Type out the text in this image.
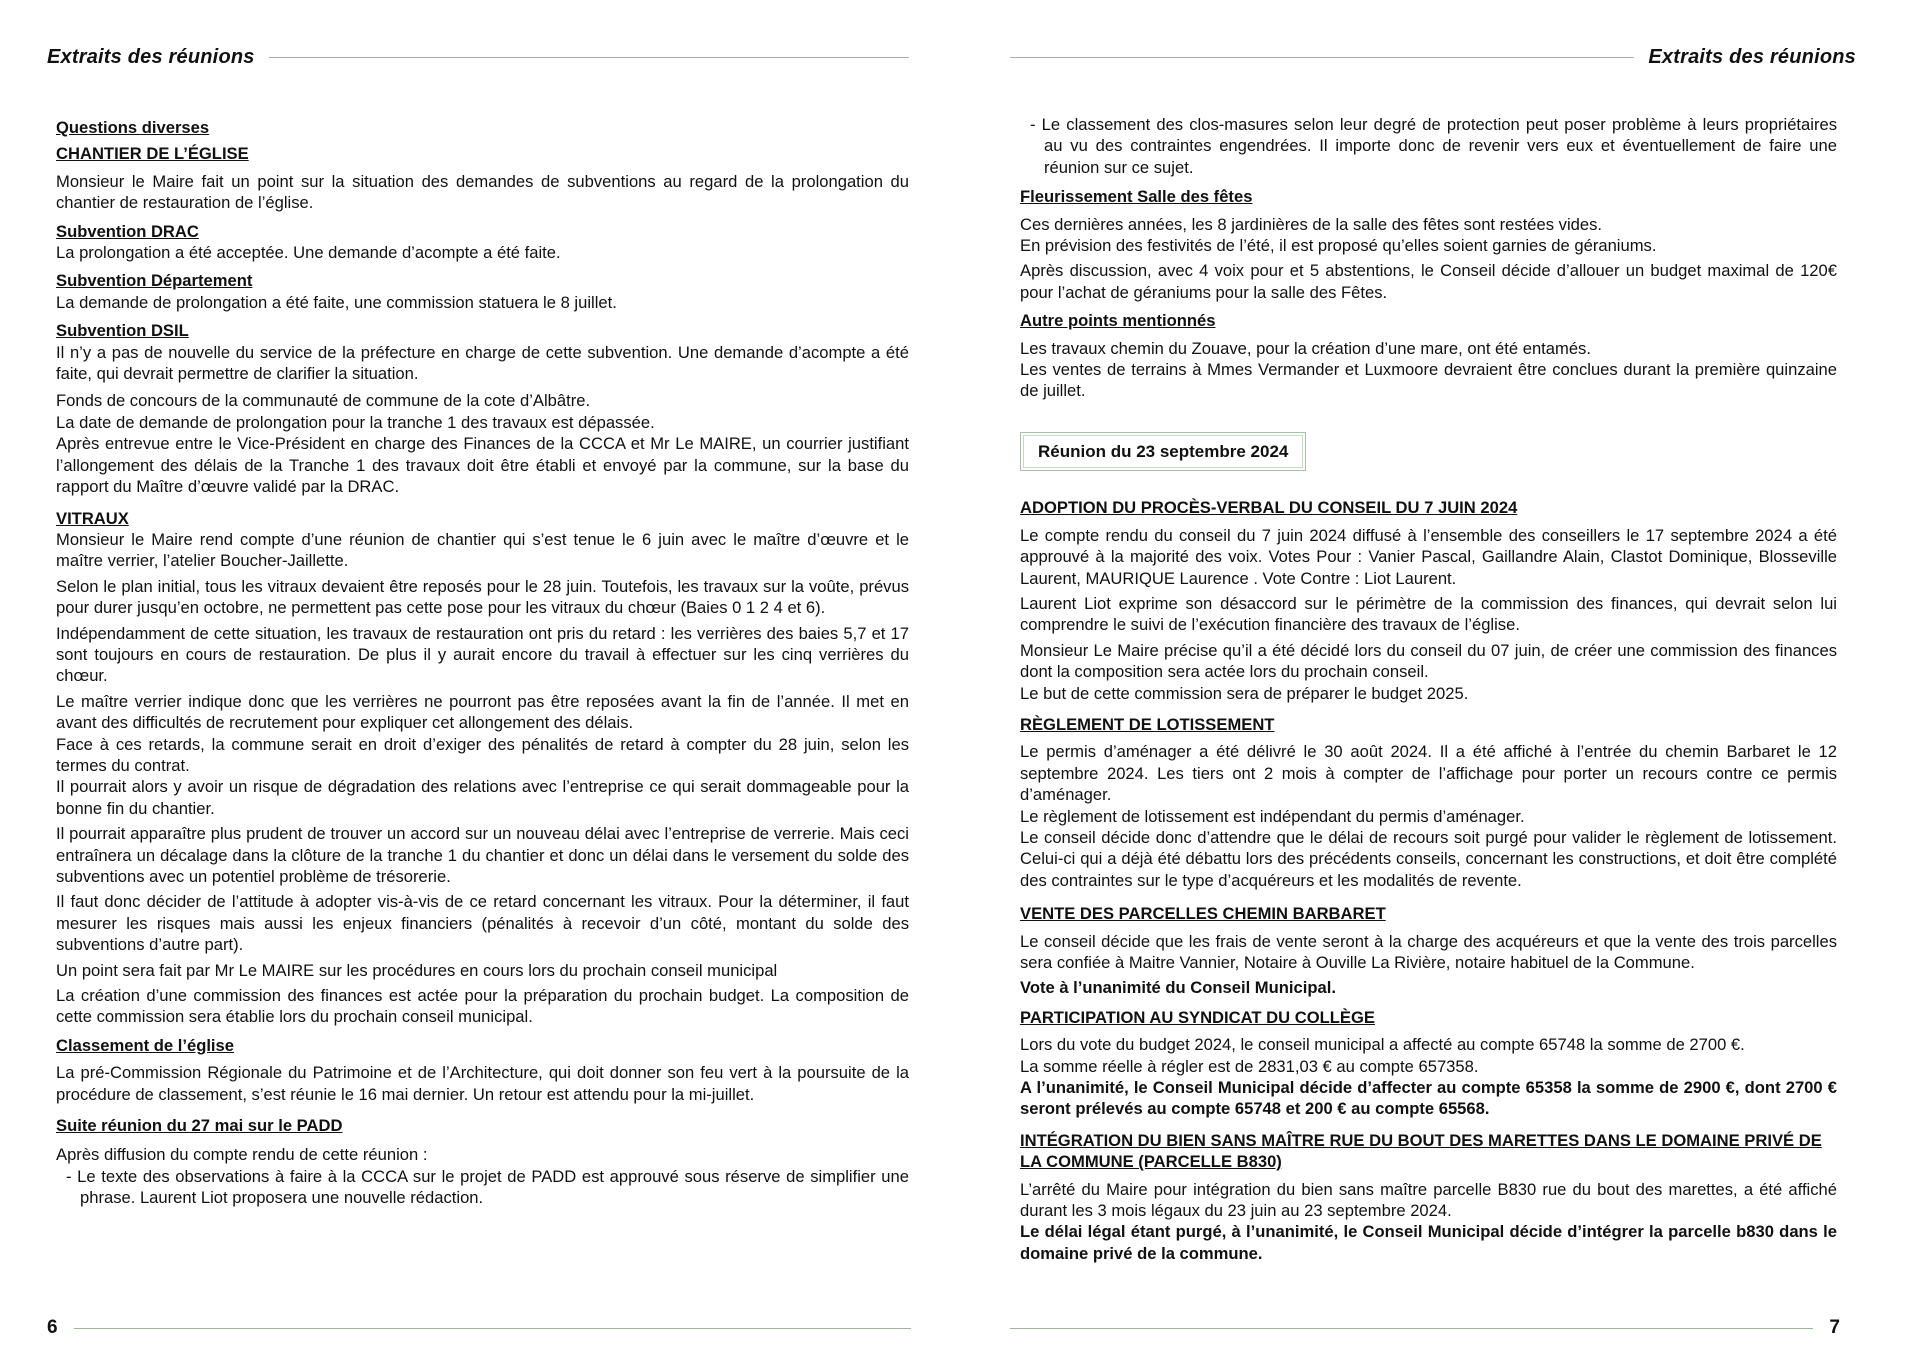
Extraits des réunions
Questions diverses
CHANTIER DE L’ÉGLISE

Monsieur le Maire fait un point sur la situation des demandes de subventions au regard de la prolongation du chantier de restauration de l’église.

Subvention DRAC

La prolongation a été acceptée. Une demande d’acompte a été faite.

Subvention Département

La demande de prolongation a été faite, une commission statuera le 8 juillet.

Subvention DSIL

Il n’y a pas de nouvelle du service de la préfecture en charge de cette subvention. Une demande d’acompte a été faite, qui devrait permettre de clarifier la situation.

Fonds de concours de la communauté de commune de la cote d’Albâtre.
La date de demande de prolongation pour la tranche 1 des travaux est dépassée.
Après entrevue entre le Vice-Président en charge des Finances de la CCCA et Mr Le MAIRE, un courrier justifiant l’allongement des délais de la Tranche 1 des travaux doit être établi et envoyé par la commune, sur la base du rapport du Maître d’œuvre validé par la DRAC.
VITRAUX

Monsieur le Maire rend compte d’une réunion de chantier qui s’est tenue le 6 juin avec le maître d’œuvre et le maître verrier, l’atelier Boucher-Jaillette.

Selon le plan initial, tous les vitraux devaient être reposés pour le 28 juin. Toutefois, les travaux sur la voûte, prévus pour durer jusqu’en octobre, ne permettent pas cette pose pour les vitraux du chœur (Baies 0 1 2 4 et 6).

Indépendamment de cette situation, les travaux de restauration ont pris du retard : les verrières des baies 5,7 et 17 sont toujours en cours de restauration. De plus il y aurait encore du travail à effectuer sur les cinq verrières du chœur.

Le maître verrier indique donc que les verrières ne pourront pas être reposées avant la fin de l’année. Il met en avant des difficultés de recrutement pour expliquer cet allongement des délais.
Face à ces retards, la commune serait en droit d’exiger des pénalités de retard à compter du 28 juin, selon les termes du contrat.
Il pourrait alors y avoir un risque de dégradation des relations avec l’entreprise ce qui serait dommageable pour la bonne fin du chantier.

Il pourrait apparaître plus prudent de trouver un accord sur un nouveau délai avec l’entreprise de verrerie. Mais ceci entraînera un décalage dans la clôture de la tranche 1 du chantier et donc un délai dans le versement du solde des subventions avec un potentiel problème de trésorerie.

Il faut donc décider de l’attitude à adopter vis-à-vis de ce retard concernant les vitraux. Pour la déterminer, il faut mesurer les risques mais aussi les enjeux financiers (pénalités à recevoir d’un côté, montant du solde des subventions d’autre part).

Un point sera fait par Mr Le MAIRE sur les procédures en cours lors du prochain conseil municipal

La création d’une commission des finances est actée pour la préparation du prochain budget. La composition de cette commission sera établie lors du prochain conseil municipal.

Classement de l’église

La pré-Commission Régionale du Patrimoine et de l’Architecture, qui doit donner son feu vert à la poursuite de la procédure de classement, s’est réunie le 16 mai dernier. Un retour est attendu pour la mi-juillet.

Suite réunion du 27 mai sur le PADD

Après diffusion du compte rendu de cette réunion :

- Le texte des observations à faire à la CCCA sur le projet de PADD est approuvé sous réserve de simplifier une phrase. Laurent Liot proposera une nouvelle rédaction.
6
Extraits des réunions
- Le classement des clos-masures selon leur degré de protection peut poser problème à leurs propriétaires au vu des contraintes engendrées. Il importe donc de revenir vers eux et éventuellement de faire une réunion sur ce sujet.
Fleurissement Salle des fêtes
Ces dernières années, les 8 jardinières de la salle des fêtes sont restées vides.
En prévision des festivités de l’été, il est proposé qu’elles soient garnies de géraniums.

Après discussion, avec 4 voix pour et 5 abstentions, le Conseil décide d’allouer un budget maximal de 120€ pour l’achat de géraniums pour la salle des Fêtes.

Autre points mentionnés
Les travaux chemin du Zouave, pour la création d’une mare, ont été entamés.
Les ventes de terrains à Mmes Vermander et Luxmoore devraient être conclues durant la première quinzaine de juillet.
Réunion du 23 septembre 2024
ADOPTION DU PROCÈS-VERBAL DU CONSEIL DU 7 JUIN 2024

Le compte rendu du conseil du 7 juin 2024 diffusé à l’ensemble des conseillers le 17 septembre 2024 a été approuvé à la majorité des voix. Votes Pour : Vanier Pascal, Gaillandre Alain, Clastot Dominique, Blosseville Laurent, MAURIQUE Laurence . Vote Contre : Liot Laurent.

Laurent Liot exprime son désaccord sur le périmètre de la commission des finances, qui devrait selon lui comprendre le suivi de l’exécution financière des travaux de l’église.

Monsieur Le Maire précise qu’il a été décidé lors du conseil du 07 juin, de créer une commission des finances dont la composition sera actée lors du prochain conseil.
Le but de cette commission sera de préparer le budget 2025.
RÈGLEMENT DE LOTISSEMENT
Le permis d’aménager a été délivré le 30 août 2024. Il a été affiché à l’entrée du chemin Barbaret le 12 septembre 2024. Les tiers ont 2 mois à compter de l’affichage pour porter un recours contre ce permis d’aménager.
Le règlement de lotissement est indépendant du permis d’aménager.
Le conseil décide donc d’attendre que le délai de recours soit purgé pour valider le règlement de lotissement. Celui-ci qui a déjà été débattu lors des précédents conseils, concernant les constructions, et doit être complété des contraintes sur le type d’acquéreurs et les modalités de revente.
VENTE DES PARCELLES CHEMIN BARBARET

Le conseil décide que les frais de vente seront à la charge des acquéreurs et que la vente des trois parcelles sera confiée à Maitre Vannier, Notaire à Ouville La Rivière, notaire habituel de la Commune.

Vote à l’unanimité du Conseil Municipal.

PARTICIPATION AU SYNDICAT DU COLLÈGE
Lors du vote du budget 2024, le conseil municipal a affecté au compte 65748 la somme de 2700 €.
La somme réelle à régler est de 2831,03 € au compte 657358.
A l’unanimité, le Conseil Municipal décide d’affecter au compte 65358 la somme de 2900 €, dont 2700 € seront prélevés au compte 65748 et 200 € au compte 65568.
INTÉGRATION DU BIEN SANS MAÎTRE RUE DU BOUT DES MARETTES DANS LE DOMAINE PRIVÉ DE LA COMMUNE (PARCELLE B830)

L’arrêté du Maire pour intégration du bien sans maître parcelle B830 rue du bout des marettes, a été affiché durant les 3 mois légaux du 23 juin au 23 septembre 2024.

Le délai légal étant purgé, à l’unanimité, le Conseil Municipal décide d’intégrer la parcelle b830 dans le domaine privé de la commune.
7
